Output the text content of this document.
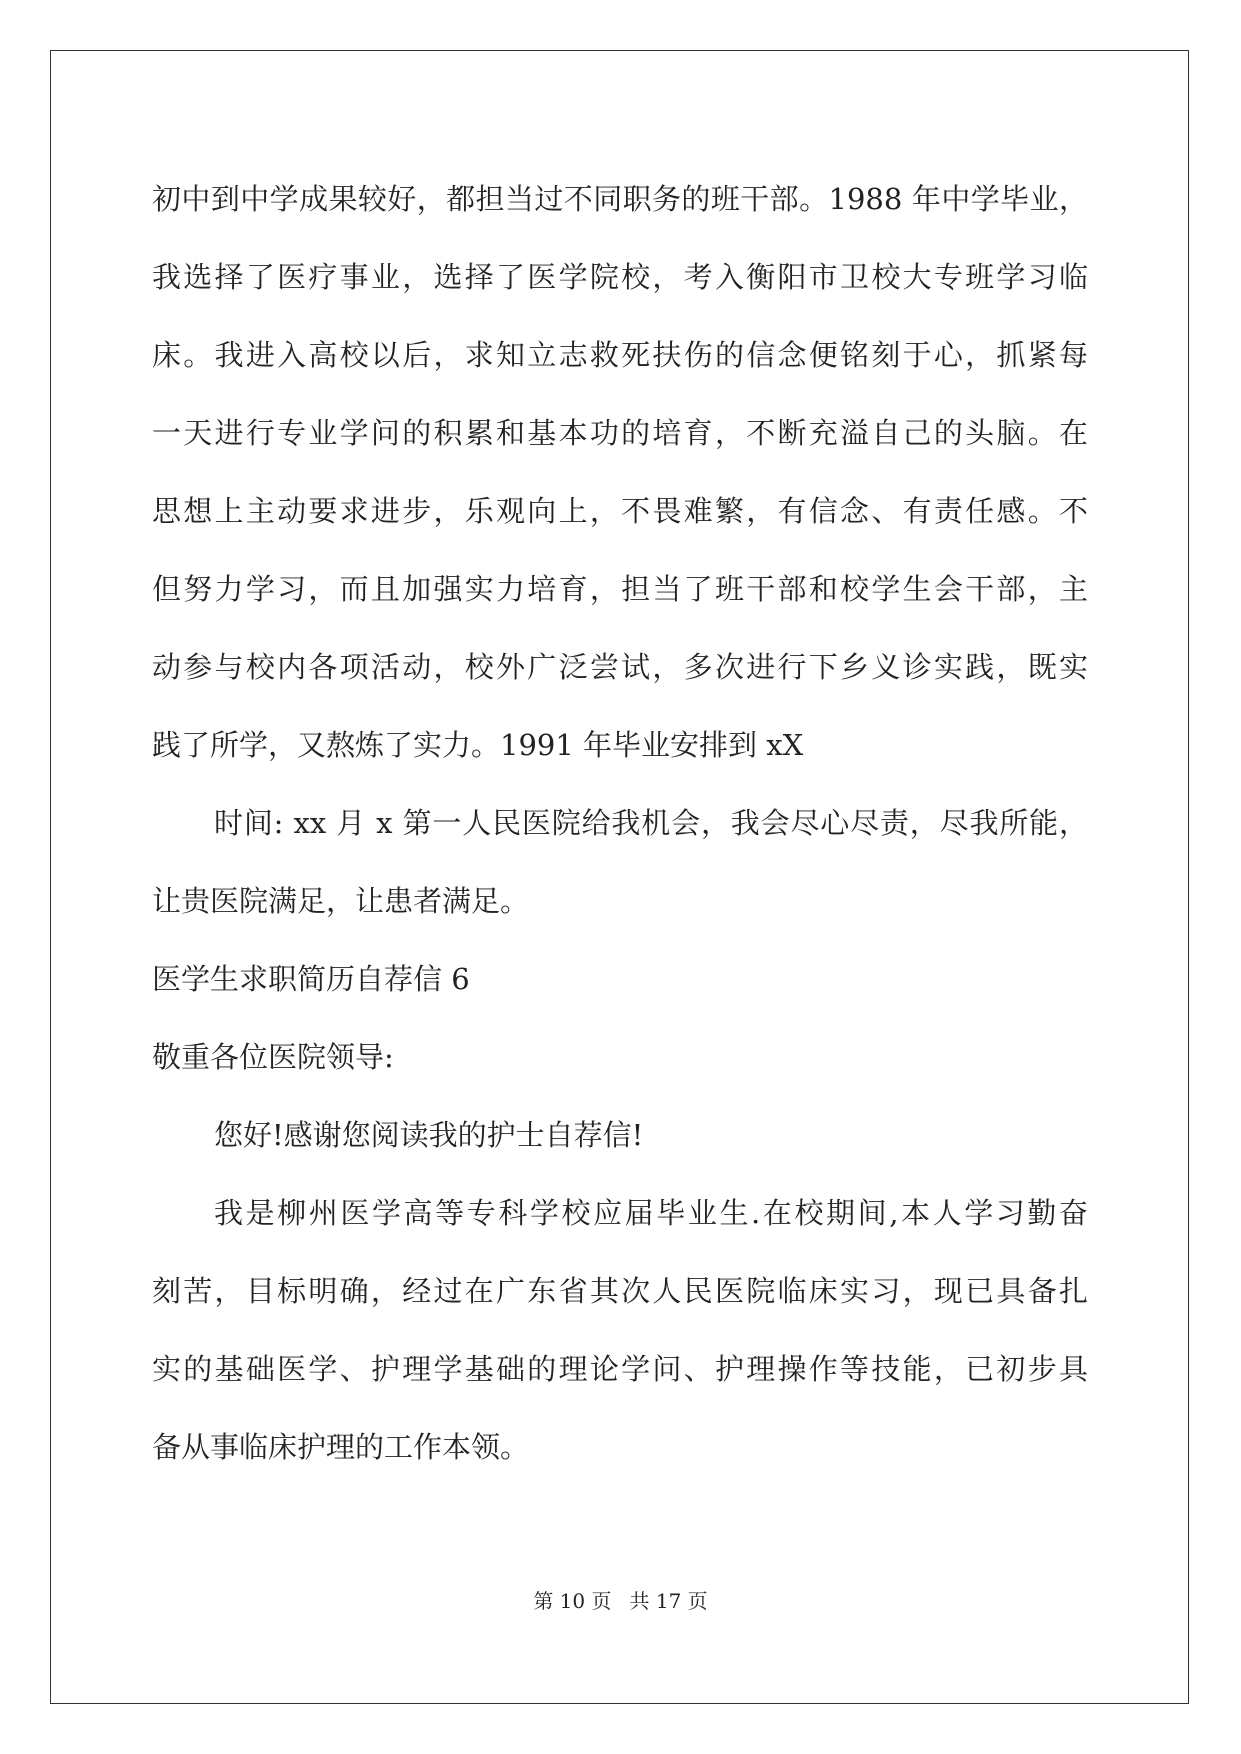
初中到中学成果较好，都担当过不同职务的班干部。1988 年中学毕业，
我选择了医疗事业，选择了医学院校，考入衡阳市卫校大专班学习临
床。我进入高校以后，求知立志救死扶伤的信念便铭刻于心，抓紧每
一天进行专业学问的积累和基本功的培育，不断充溢自己的头脑。在
思想上主动要求进步，乐观向上，不畏难繁，有信念、有责任感。不
但努力学习，而且加强实力培育，担当了班干部和校学生会干部，主
动参与校内各项活动，校外广泛尝试，多次进行下乡义诊实践，既实
践了所学，又熬炼了实力。1991 年毕业安排到 xX
时间: xx 月 x 第一人民医院给我机会，我会尽心尽责，尽我所能，
让贵医院满足，让患者满足。
医学生求职简历自荐信 6
敬重各位医院领导:
您好!感谢您阅读我的护士自荐信!
我是柳州医学高等专科学校应届毕业生.在校期间,本人学习勤奋
刻苦，目标明确，经过在广东省其次人民医院临床实习，现已具备扎
实的基础医学、护理学基础的理论学问、护理操作等技能，已初步具
备从事临床护理的工作本领。
第 10 页 共 17 页
